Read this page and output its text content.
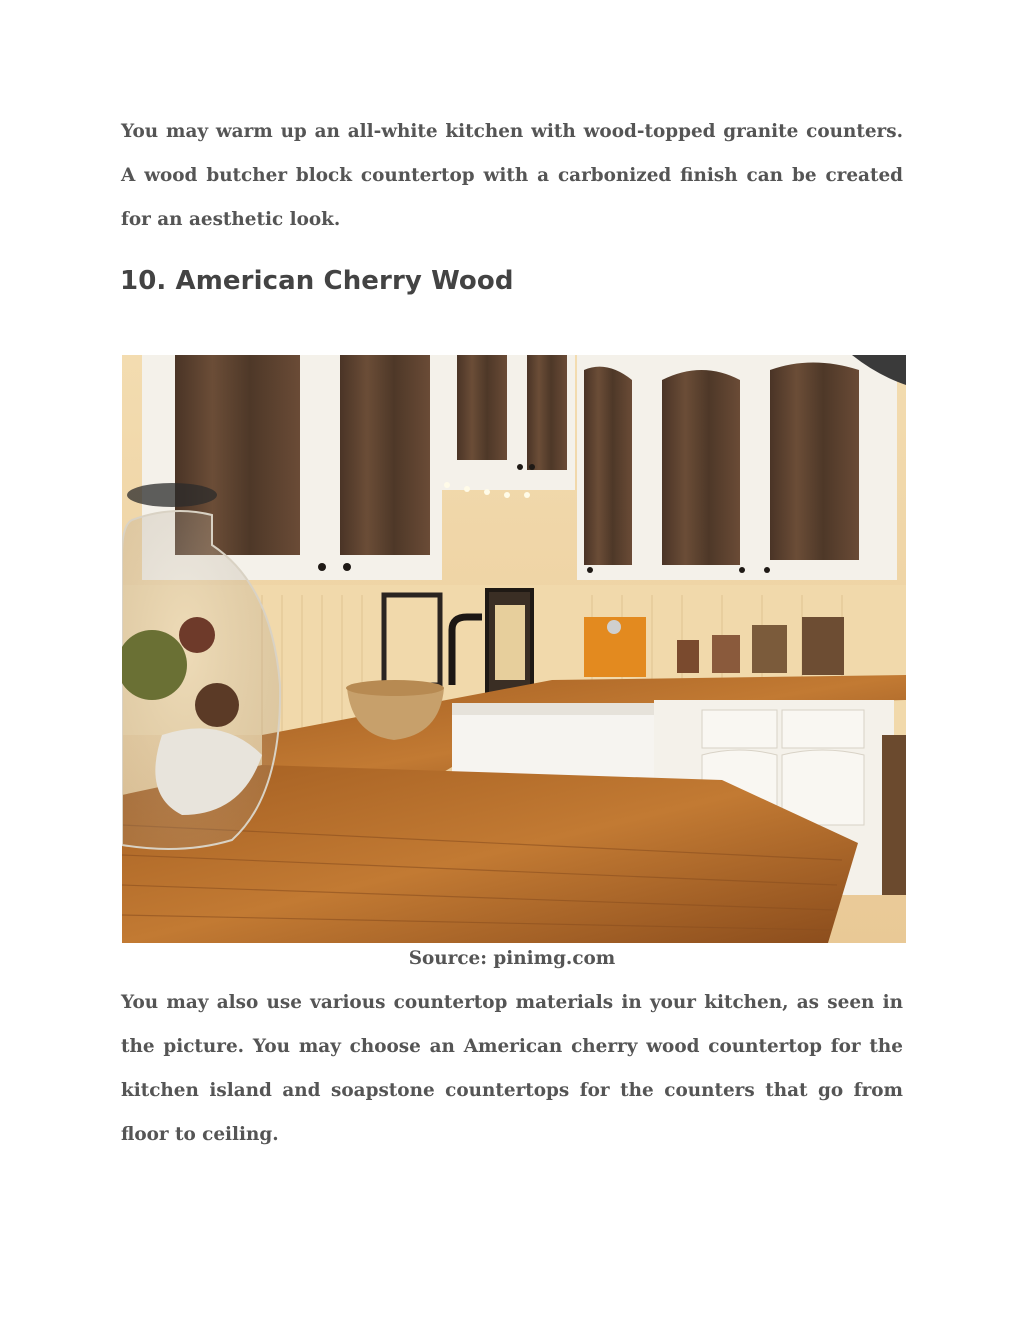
You may warm up an all-white kitchen with wood-topped granite counters.
A wood butcher block countertop with a carbonized finish can be created
for an aesthetic look.

10. American Cherry Wood
Source: pinimg.com

You may also use various countertop materials in your kitchen, as seen in
the picture. You may choose an American cherry wood countertop for the
kitchen island and soapstone countertops for the counters that go from
floor to ceiling.
